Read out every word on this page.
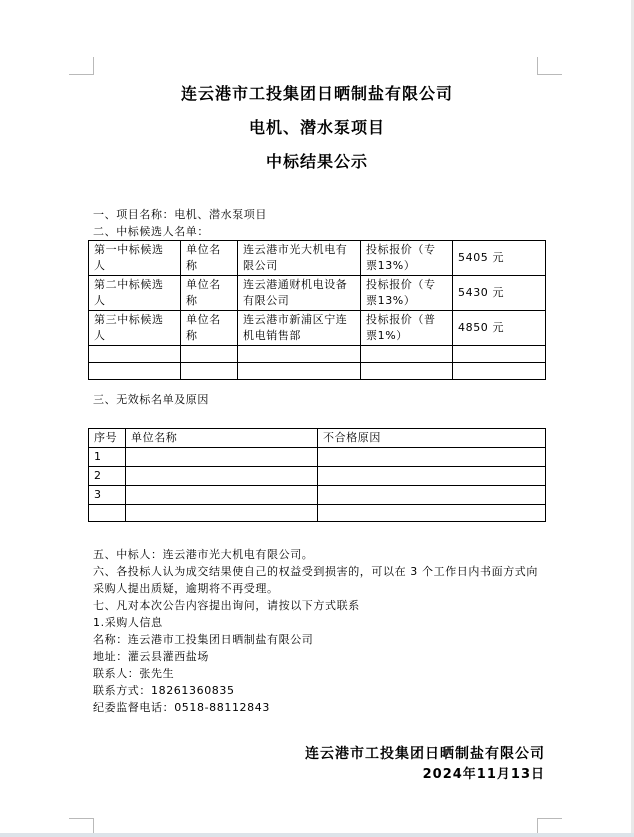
连云港市工投集团日晒制盐有限公司
电机、潜水泵项目
中标结果公示
一、项目名称：电机、潜水泵项目
二、中标候选人名单：
第一中标候选人	单位名称	连云港市光大机电有限公司	投标报价（专票13%）	5405 元
第二中标候选人	单位名称	连云港通财机电设备有限公司	投标报价（专票13%）	5430 元
第三中标候选人	单位名称	连云港市新浦区宁连机电销售部	投标报价（普票1%）	4850 元

三、无效标名单及原因
序号	单位名称	不合格原因
1		
2		
3		

五、中标人：连云港市光大机电有限公司。
六、各投标人认为成交结果使自己的权益受到损害的，可以在 3 个工作日内书面方式向采购人提出质疑，逾期将不再受理。
七、凡对本次公告内容提出询问，请按以下方式联系
1.采购人信息
名称：连云港市工投集团日晒制盐有限公司
地址：灌云县灌西盐场
联系人：张先生
联系方式：18261360835
纪委监督电话：0518-88112843
连云港市工投集团日晒制盐有限公司
2024年11月13日
